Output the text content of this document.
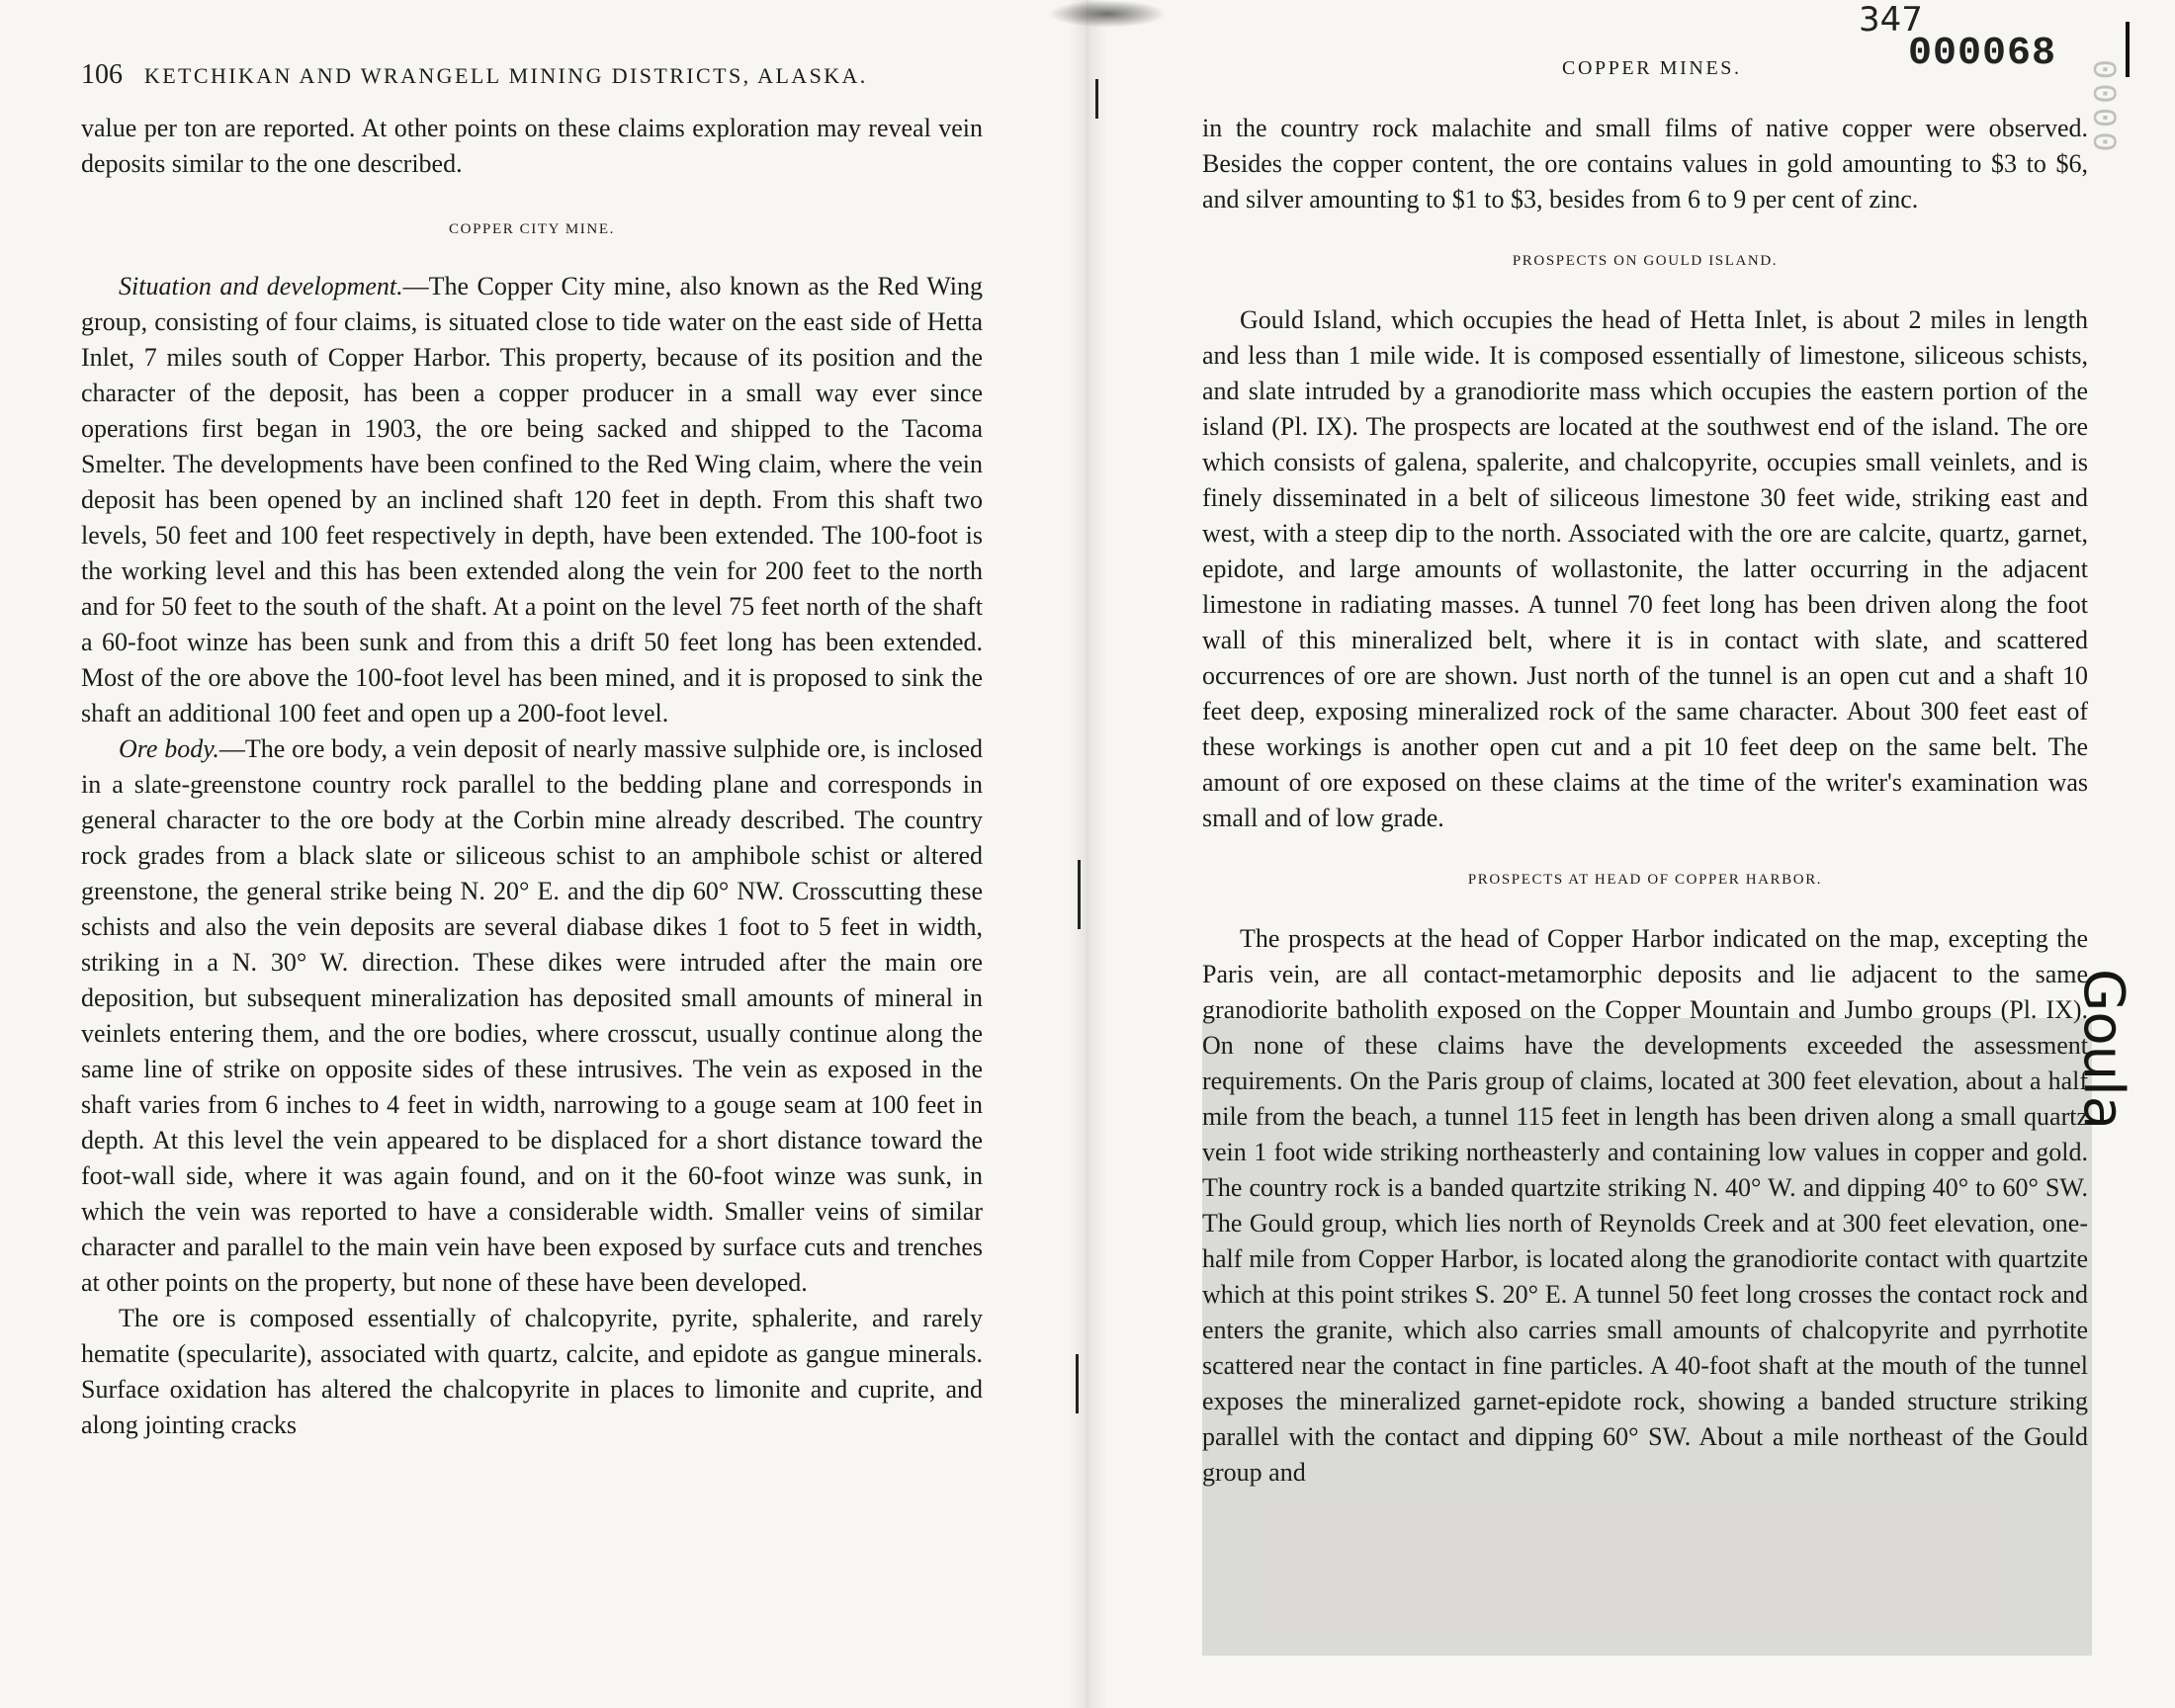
106 KETCHIKAN AND WRANGELL MINING DISTRICTS, ALASKA.

value per ton are reported. At other points on these claims exploration may reveal vein deposits similar to the one described.

COPPER CITY MINE.

Situation and development.—The Copper City mine, also known as the Red Wing group, consisting of four claims, is situated close to tide water on the east side of Hetta Inlet, 7 miles south of Copper Harbor. This property, because of its position and the character of the deposit, has been a copper producer in a small way ever since operations first began in 1903, the ore being sacked and shipped to the Tacoma Smelter. The developments have been confined to the Red Wing claim, where the vein deposit has been opened by an inclined shaft 120 feet in depth. From this shaft two levels, 50 feet and 100 feet respectively in depth, have been extended. The 100-foot is the working level and this has been extended along the vein for 200 feet to the north and for 50 feet to the south of the shaft. At a point on the level 75 feet north of the shaft a 60-foot winze has been sunk and from this a drift 50 feet long has been extended. Most of the ore above the 100-foot level has been mined, and it is proposed to sink the shaft an additional 100 feet and open up a 200-foot level.

Ore body.—The ore body, a vein deposit of nearly massive sulphide ore, is inclosed in a slate-greenstone country rock parallel to the bedding plane and corresponds in general character to the ore body at the Corbin mine already described. The country rock grades from a black slate or siliceous schist to an amphibole schist or altered greenstone, the general strike being N. 20° E. and the dip 60° NW. Crosscutting these schists and also the vein deposits are several diabase dikes 1 foot to 5 feet in width, striking in a N. 30° W. direction. These dikes were intruded after the main ore deposition, but subsequent mineralization has deposited small amounts of mineral in veinlets entering them, and the ore bodies, where crosscut, usually continue along the same line of strike on opposite sides of these intrusives. The vein as exposed in the shaft varies from 6 inches to 4 feet in width, narrowing to a gouge seam at 100 feet in depth. At this level the vein appeared to be displaced for a short distance toward the foot-wall side, where it was again found, and on it the 60-foot winze was sunk, in which the vein was reported to have a considerable width. Smaller veins of similar character and parallel to the main vein have been exposed by surface cuts and trenches at other points on the property, but none of these have been developed.

The ore is composed essentially of chalcopyrite, pyrite, sphalerite, and rarely hematite (specularite), associated with quartz, calcite, and epidote as gangue minerals. Surface oxidation has altered the chalcopyrite in places to limonite and cuprite, and along jointing cracks

COPPER MINES.
347
000068
0000
Goula

in the country rock malachite and small films of native copper were observed. Besides the copper content, the ore contains values in gold amounting to $3 to $6, and silver amounting to $1 to $3, besides from 6 to 9 per cent of zinc.

PROSPECTS ON GOULD ISLAND.

Gould Island, which occupies the head of Hetta Inlet, is about 2 miles in length and less than 1 mile wide. It is composed essentially of limestone, siliceous schists, and slate intruded by a granodiorite mass which occupies the eastern portion of the island (Pl. IX). The prospects are located at the southwest end of the island. The ore which consists of galena, spalerite, and chalcopyrite, occupies small veinlets, and is finely disseminated in a belt of siliceous limestone 30 feet wide, striking east and west, with a steep dip to the north. Associated with the ore are calcite, quartz, garnet, epidote, and large amounts of wollastonite, the latter occurring in the adjacent limestone in radiating masses. A tunnel 70 feet long has been driven along the foot wall of this mineralized belt, where it is in contact with slate, and scattered occurrences of ore are shown. Just north of the tunnel is an open cut and a shaft 10 feet deep, exposing mineralized rock of the same character. About 300 feet east of these workings is another open cut and a pit 10 feet deep on the same belt. The amount of ore exposed on these claims at the time of the writer's examination was small and of low grade.

PROSPECTS AT HEAD OF COPPER HARBOR.

The prospects at the head of Copper Harbor indicated on the map, excepting the Paris vein, are all contact-metamorphic deposits and lie adjacent to the same granodiorite batholith exposed on the Copper Mountain and Jumbo groups (Pl. IX). On none of these claims have the developments exceeded the assessment requirements. On the Paris group of claims, located at 300 feet elevation, about a half mile from the beach, a tunnel 115 feet in length has been driven along a small quartz vein 1 foot wide striking northeasterly and containing low values in copper and gold. The country rock is a banded quartzite striking N. 40° W. and dipping 40° to 60° SW. The Gould group, which lies north of Reynolds Creek and at 300 feet elevation, one-half mile from Copper Harbor, is located along the granodiorite contact with quartzite which at this point strikes S. 20° E. A tunnel 50 feet long crosses the contact rock and enters the granite, which also carries small amounts of chalcopyrite and pyrrhotite scattered near the contact in fine particles. A 40-foot shaft at the mouth of the tunnel exposes the mineralized garnet-epidote rock, showing a banded structure striking parallel with the contact and dipping 60° SW. About a mile northeast of the Gould group and
